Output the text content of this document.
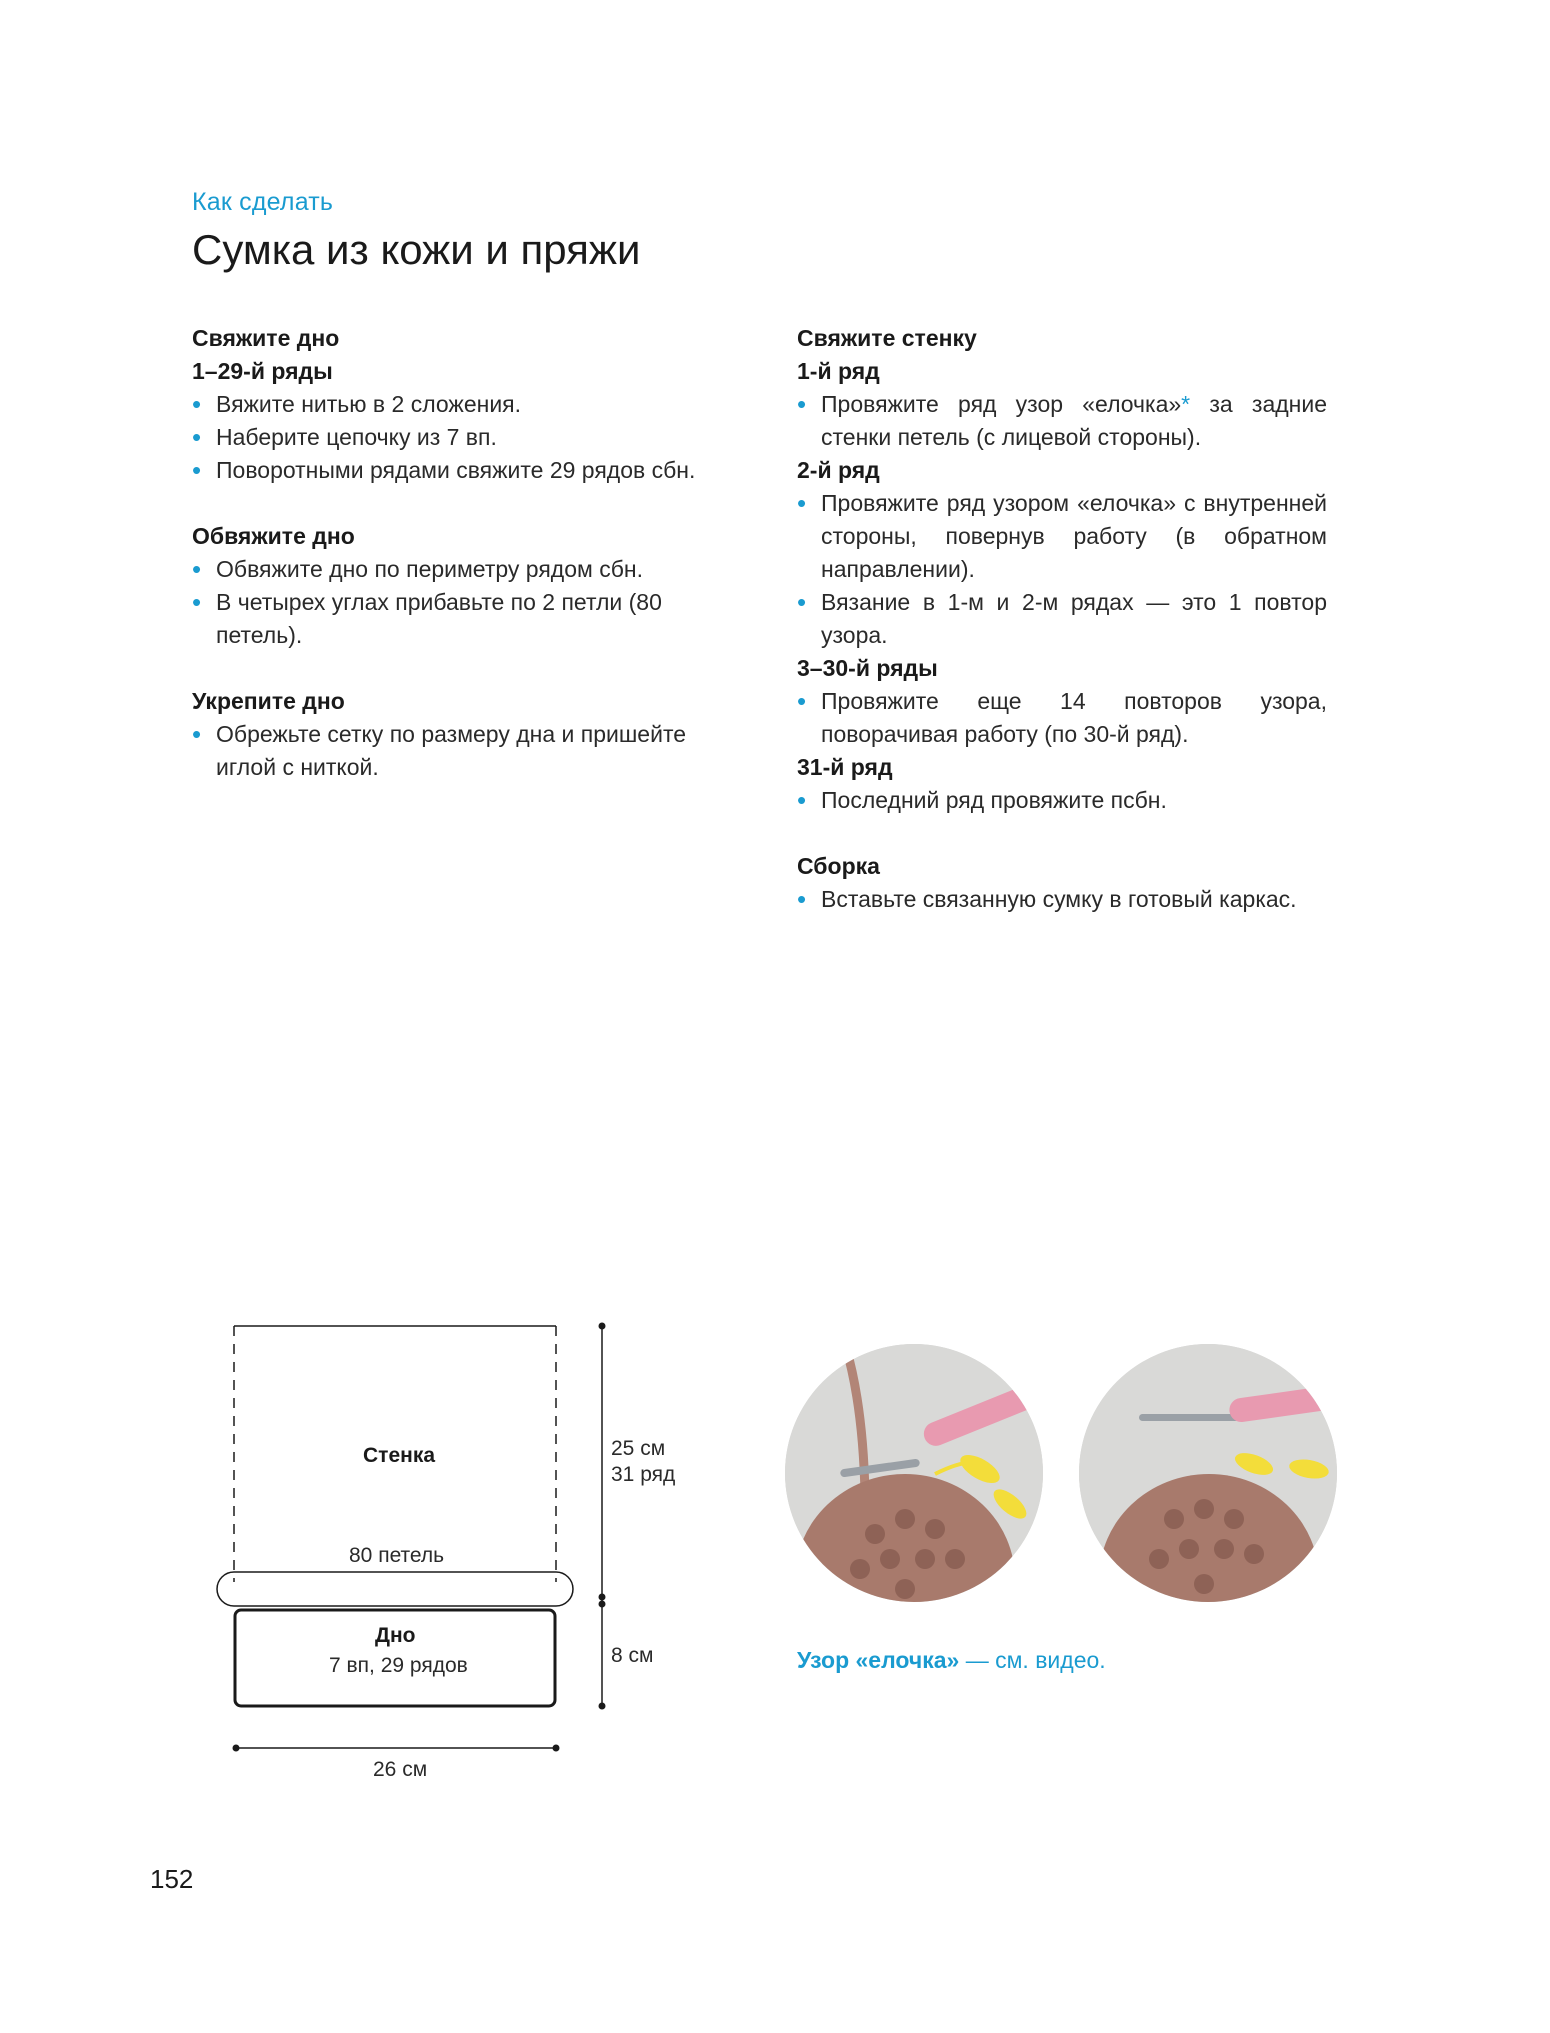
Как сделать
Сумка из кожи и пряжи
Свяжите дно
1–29-й ряды
• Вяжите нитью в 2 сложения.
• Наберите цепочку из 7 вп.
• Поворотными рядами свяжите 29 рядов сбн.
Обвяжите дно
• Обвяжите дно по периметру рядом сбн.
• В четырех углах прибавьте по 2 петли (80 петель).
Укрепите дно
• Обрежьте сетку по размеру дна и пришейте иглой с ниткой.
Свяжите стенку
1-й ряд
• Провяжите ряд узор «елочка»* за задние стенки петель (с лицевой стороны).
2-й ряд
• Провяжите ряд узором «елочка» с внутренней стороны, повернув работу (в обратном направлении).
• Вязание в 1-м и 2-м рядах — это 1 повтор узора.
3–30-й ряды
• Провяжите еще 14 повторов узора, поворачивая работу (по 30-й ряд).
31-й ряд
• Последний ряд провяжите псбн.
Сборка
• Вставьте связанную сумку в готовый каркас.
Стенка
80 петель
Дно
7 вп, 29 рядов
25 см
31 ряд
8 см
26 см
Узор «елочка» — см. видео.
152
